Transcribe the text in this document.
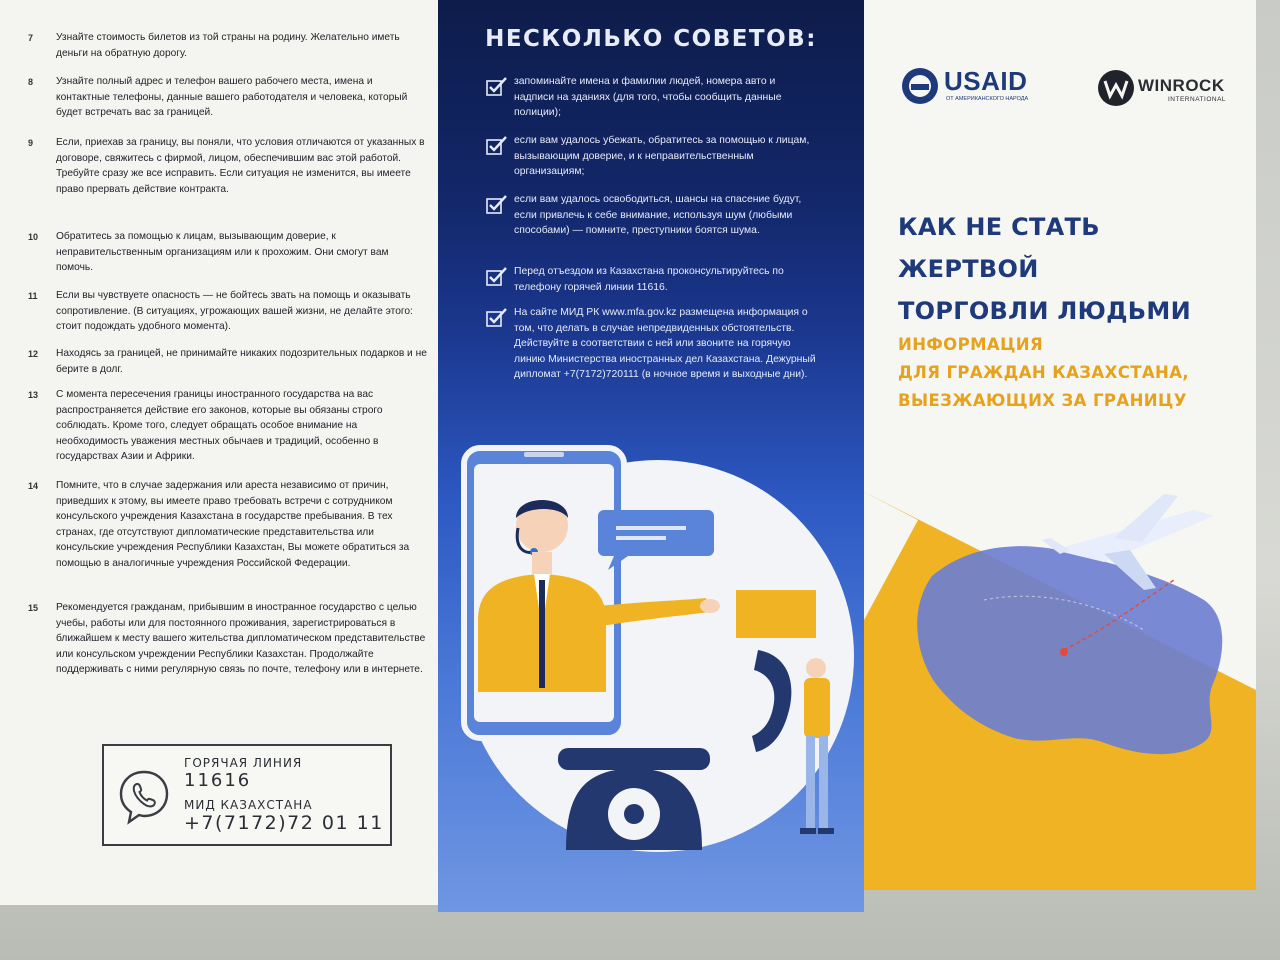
7	Узнайте стоимость билетов из той страны на родину. Желательно иметь деньги на обратную дорогу.
8	Узнайте полный адрес и телефон вашего рабочего места, имена и контактные телефоны, данные вашего работодателя и человека, который будет встречать вас за границей.
9	Если, приехав за границу, вы поняли, что условия отличаются от указанных в договоре, свяжитесь с фирмой, лицом, обеспечившим вас этой работой. Требуйте сразу же все исправить. Если ситуация не изменится, вы имеете право прервать действие контракта.
10	Обратитесь за помощью к лицам, вызывающим доверие, к неправительственным организациям или к прохожим. Они смогут вам помочь.
11	Если вы чувствуете опасность — не бойтесь звать на помощь и оказывать сопротивление. (В ситуациях, угрожающих вашей жизни, не делайте этого: стоит подождать удобного момента).
12	Находясь за границей, не принимайте никаких подозрительных подарков и не берите в долг.
13	С момента пересечения границы иностранного государства на вас распространяется действие его законов, которые вы обязаны строго соблюдать. Кроме того, следует обращать особое внимание на необходимость уважения местных обычаев и традиций, особенно в государствах Азии и Африки.
14	Помните, что в случае задержания или ареста независимо от причин, приведших к этому, вы имеете право требовать встречи с сотрудником консульского учреждения Казахстана в государстве пребывания. В тех странах, где отсутствуют дипломатические представительства или консульские учреждения Республики Казахстан, Вы можете обратиться за помощью в аналогичные учреждения Российской Федерации.
15	Рекомендуется гражданам, прибывшим в иностранное государство с целью учебы, работы или для постоянного проживания, зарегистрироваться в ближайшем к месту вашего жительства дипломатическом представительстве или консульском учреждении Республики Казахстан. Продолжайте поддерживать с ними регулярную связь по почте, телефону или в интернете.
ГОРЯЧАЯ ЛИНИЯ
11616
МИД КАЗАХСТАНА
+7(7172)72 01 11
НЕСКОЛЬКО СОВЕТОВ:
запоминайте имена и фамилии людей, номера авто и надписи на зданиях (для того, чтобы сообщить данные полиции);
если вам удалось убежать, обратитесь за помощью к лицам, вызывающим доверие, и к неправительственным организациям;
если вам удалось освободиться, шансы на спасение будут, если привлечь к себе внимание, используя шум (любыми способами) — помните, преступники боятся шума.
Перед отъездом из Казахстана проконсультируйтесь по телефону горячей линии 11616.
На сайте МИД РК www.mfa.gov.kz размещена информация о том, что делать в случае непредвиденных обстоятельств. Действуйте в соответствии с ней или звоните на горячую линию Министерства иностранных дел Казахстана. Дежурный дипломат +7(7172)720111 (в ночное время и выходные дни).
USAID
ОТ АМЕРИКАНСКОГО НАРОДА
WINROCK
INTERNATIONAL
КАК НЕ СТАТЬ ЖЕРТВОЙ
ТОРГОВЛИ ЛЮДЬМИ
ИНФОРМАЦИЯ
ДЛЯ ГРАЖДАН КАЗАХСТАНА,
ВЫЕЗЖАЮЩИХ ЗА ГРАНИЦУ
